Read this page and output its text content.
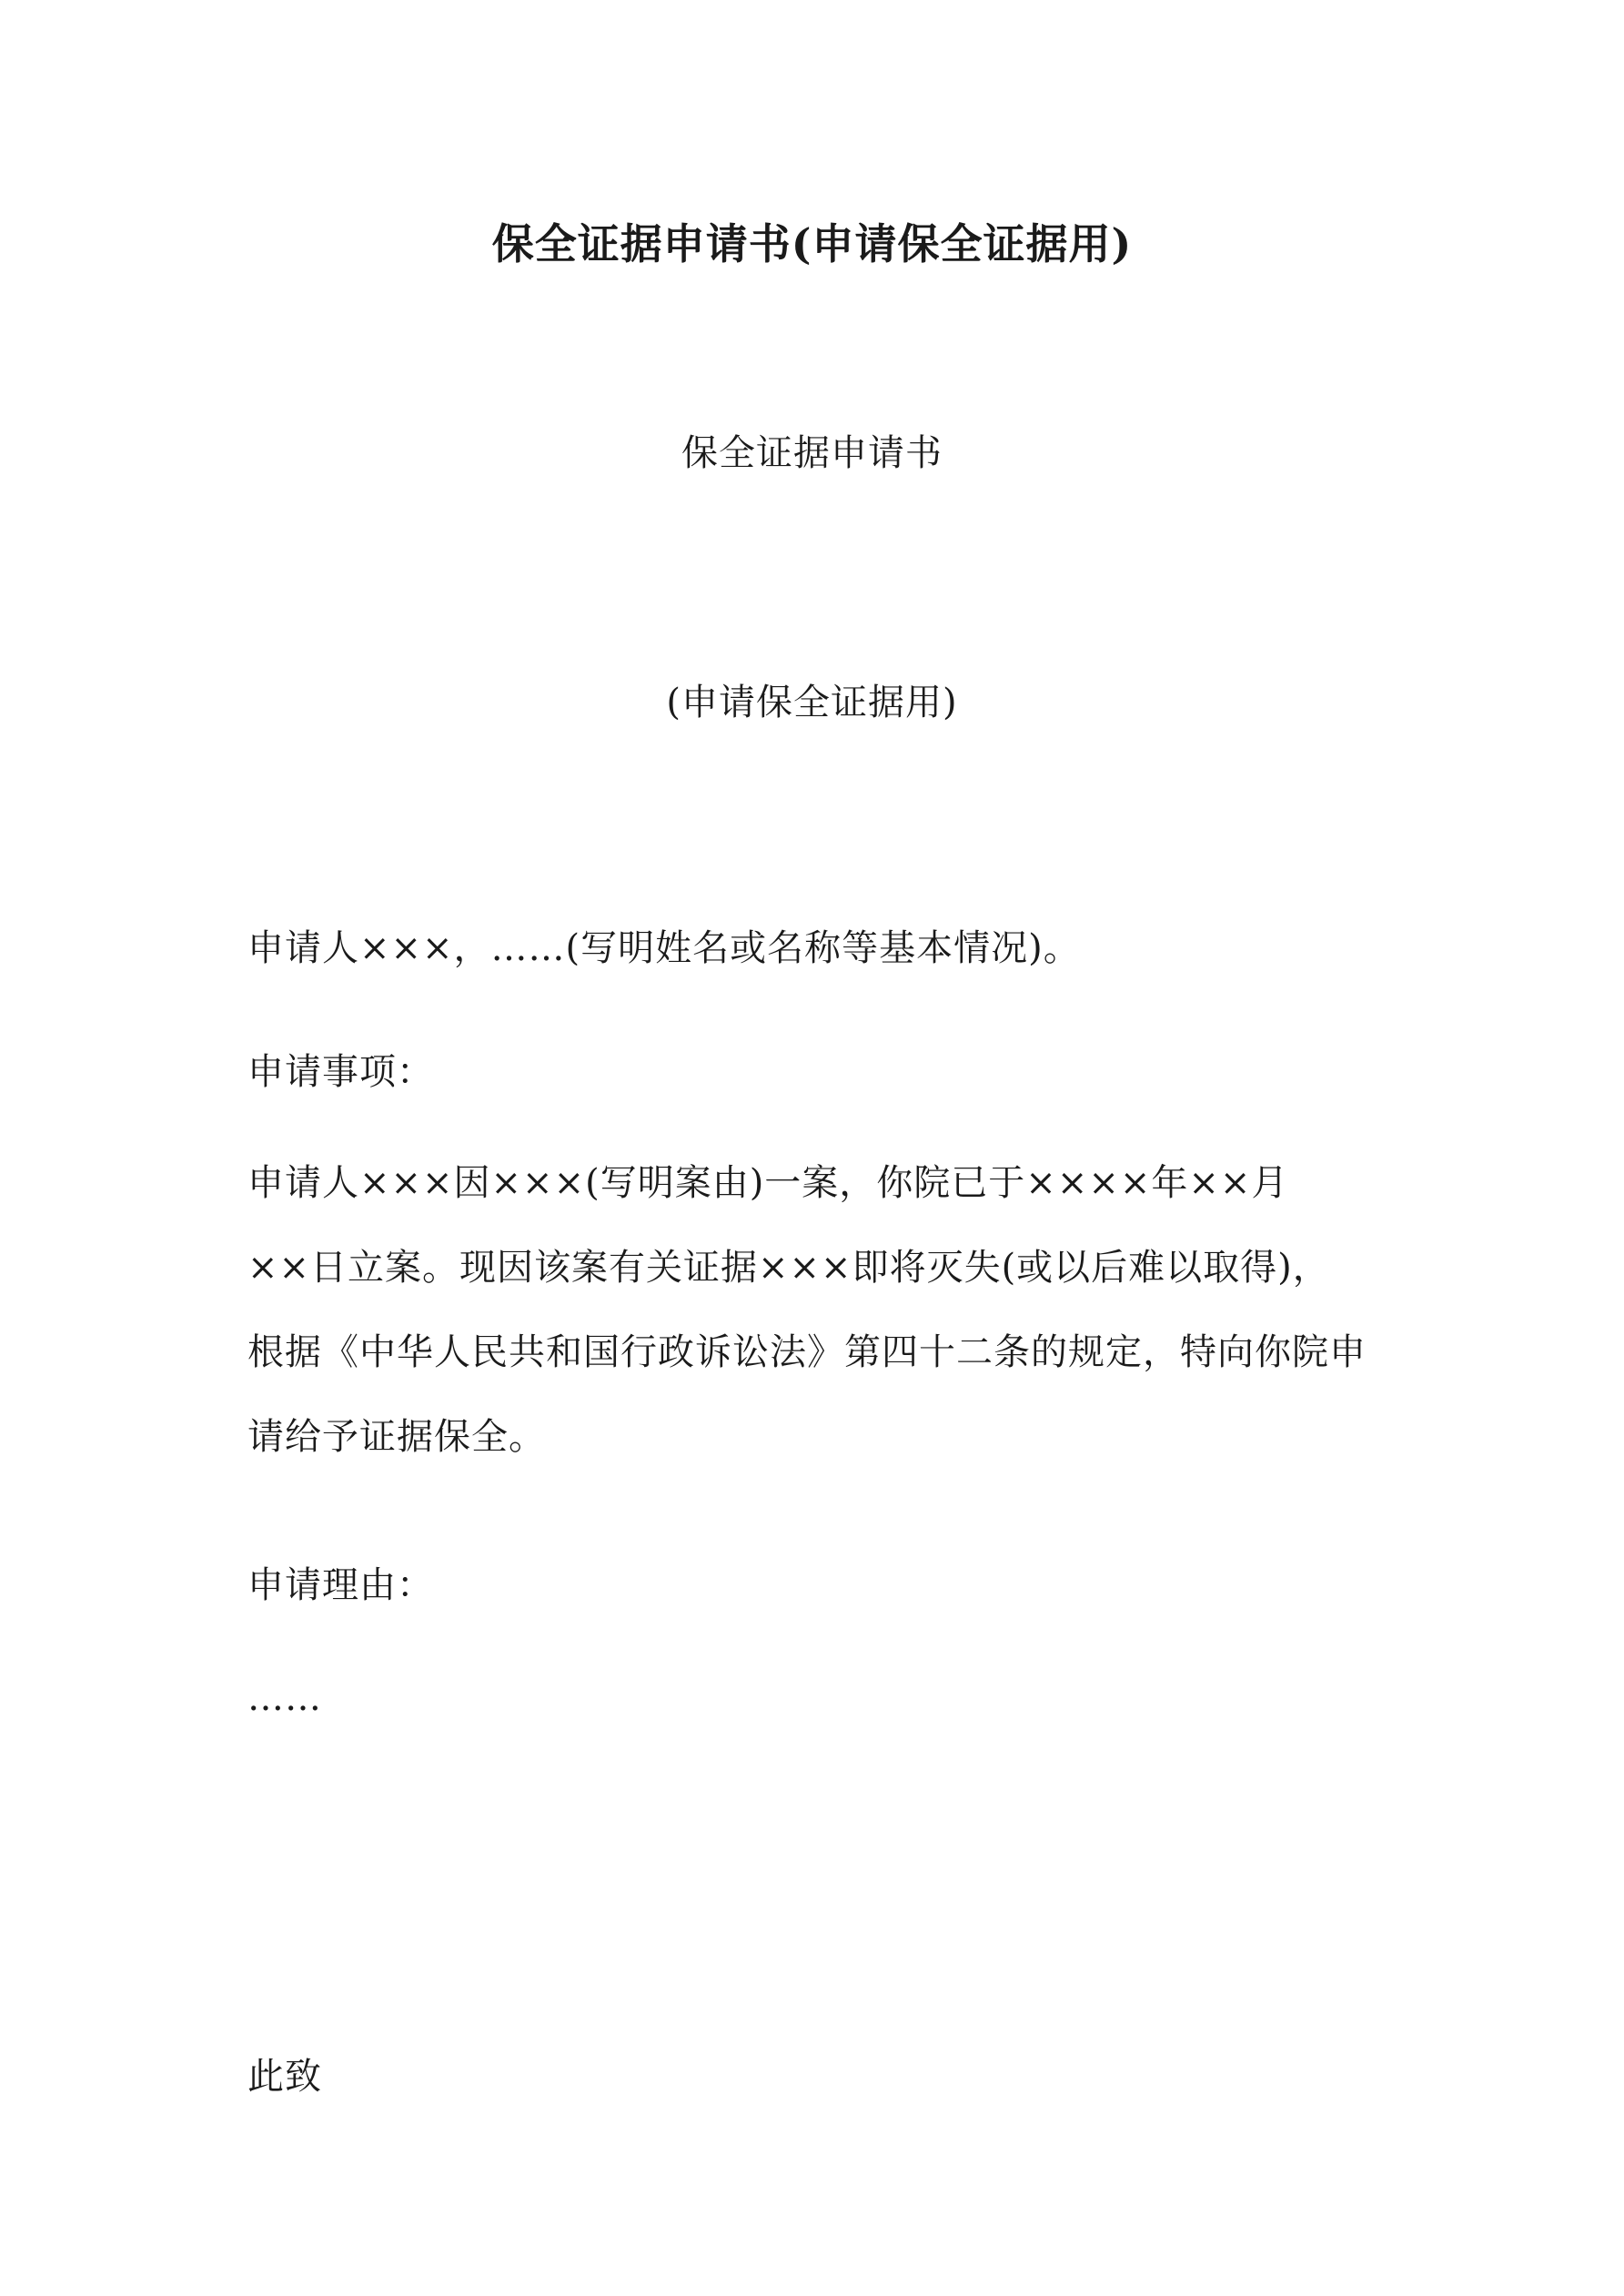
保全证据申请书(申请保全证据用)

保全证据申请书

(申请保全证据用)

申请人×××，……(写明姓名或名称等基本情况)。

申请事项：

申请人×××因×××(写明案由)一案，你院已于××××年××月
××日立案。现因该案有关证据×××即将灭失(或以后难以取得)，
根据《中华人民共和国行政诉讼法》第四十二条的规定，特向你院申
请给予证据保全。

申请理由：

……

此致
